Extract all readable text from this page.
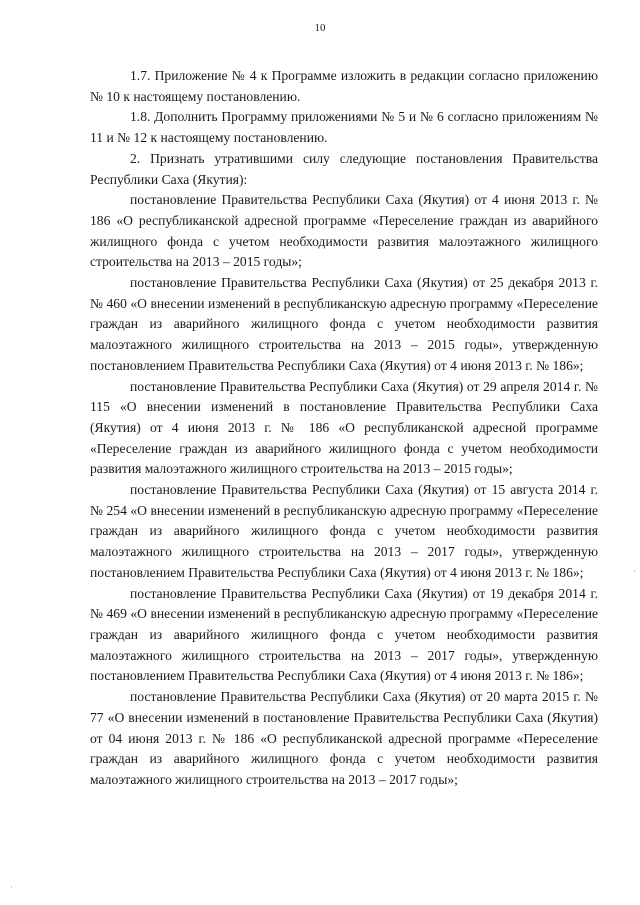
10

1.7. Приложение № 4 к Программе изложить в редакции согласно приложению № 10 к настоящему постановлению.

1.8. Дополнить Программу приложениями № 5 и № 6 согласно приложениям № 11 и № 12 к настоящему постановлению.

2. Признать утратившими силу следующие постановления Правительства Республики Саха (Якутия):

постановление Правительства Республики Саха (Якутия) от 4 июня 2013 г. № 186 «О республиканской адресной программе «Переселение граждан из аварийного жилищного фонда с учетом необходимости развития малоэтажного жилищного строительства на 2013 – 2015 годы»;

постановление Правительства Республики Саха (Якутия) от 25 декабря 2013 г. № 460 «О внесении изменений в республиканскую адресную программу «Переселение граждан из аварийного жилищного фонда с учетом необходимости развития малоэтажного жилищного строительства на 2013 – 2015 годы», утвержденную постановлением Правительства Республики Саха (Якутия) от 4 июня 2013 г. № 186»;

постановление Правительства Республики Саха (Якутия) от 29 апреля 2014 г. № 115 «О внесении изменений в постановление Правительства Республики Саха (Якутия) от 4 июня 2013 г. № 186 «О республиканской адресной программе «Переселение граждан из аварийного жилищного фонда с учетом необходимости развития малоэтажного жилищного строительства на 2013 – 2015 годы»;

постановление Правительства Республики Саха (Якутия) от 15 августа 2014 г. № 254 «О внесении изменений в республиканскую адресную программу «Переселение граждан из аварийного жилищного фонда с учетом необходимости развития малоэтажного жилищного строительства на 2013 – 2017 годы», утвержденную постановлением Правительства Республики Саха (Якутия) от 4 июня 2013 г. № 186»;

постановление Правительства Республики Саха (Якутия) от 19 декабря 2014 г. № 469 «О внесении изменений в республиканскую адресную программу «Переселение граждан из аварийного жилищного фонда с учетом необходимости развития малоэтажного жилищного строительства на 2013 – 2017 годы», утвержденную постановлением Правительства Республики Саха (Якутия) от 4 июня 2013 г. № 186»;

постановление Правительства Республики Саха (Якутия) от 20 марта 2015 г. № 77 «О внесении изменений в постановление Правительства Республики Саха (Якутия) от 04 июня 2013 г. № 186 «О республиканской адресной программе «Переселение граждан из аварийного жилищного фонда с учетом необходимости развития малоэтажного жилищного строительства на 2013 – 2017 годы»;

·
·
